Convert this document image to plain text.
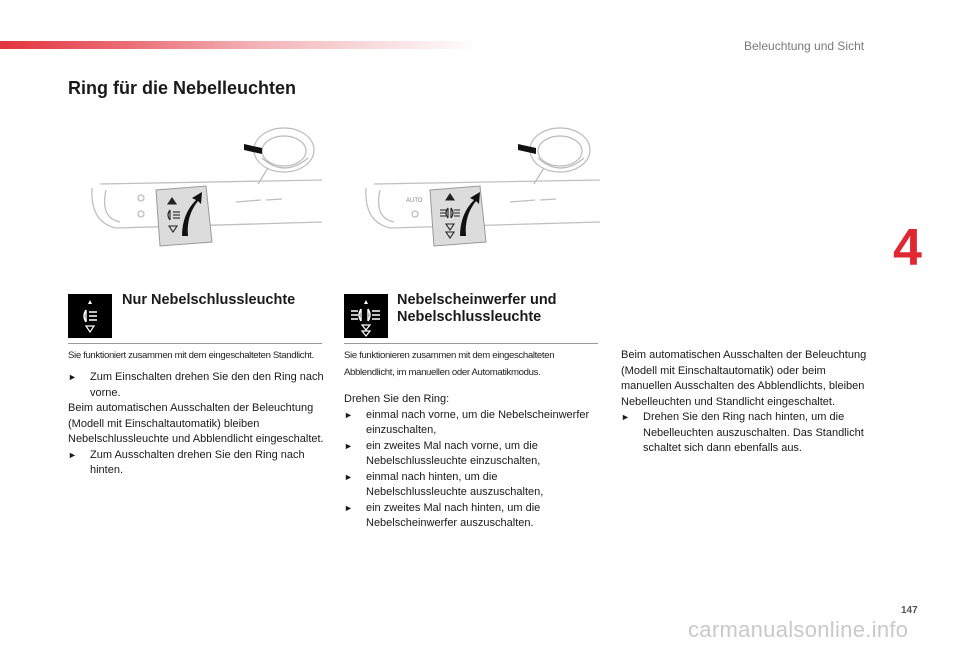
Beleuchtung und Sicht
Ring für die Nebelleuchten
4
AUTO
Nur Nebelschlussleuchte

Sie funktioniert zusammen mit dem eingeschalteten Standlicht.

Nebelscheinwerfer und Nebelschlussleuchte

Sie funktionieren zusammen mit dem eingeschalteten Abblendlicht, im manuellen oder Automatikmodus.

►	Zum Einschalten drehen Sie den den Ring nach vorne.

Beim automatischen Ausschalten der Beleuchtung (Modell mit Einschaltautomatik) bleiben Nebelschlussleuchte und Abblendlicht eingeschaltet.

►	Zum Ausschalten drehen Sie den Ring nach hinten.

Drehen Sie den Ring:

►	einmal nach vorne, um die Nebelscheinwerfer einzuschalten,
►	ein zweites Mal nach vorne, um die Nebelschlussleuchte einzuschalten,
►	einmal nach hinten, um die Nebelschlussleuchte auszuschalten,
►	ein zweites Mal nach hinten, um die Nebelscheinwerfer auszuschalten.

Beim automatischen Ausschalten der Beleuchtung (Modell mit Einschaltautomatik) oder beim manuellen Ausschalten des Abblendlichts, bleiben Nebelleuchten und Standlicht eingeschaltet.

►	Drehen Sie den Ring nach hinten, um die Nebelleuchten auszuschalten. Das Standlicht schaltet sich dann ebenfalls aus.
147
carmanualsonline.info
